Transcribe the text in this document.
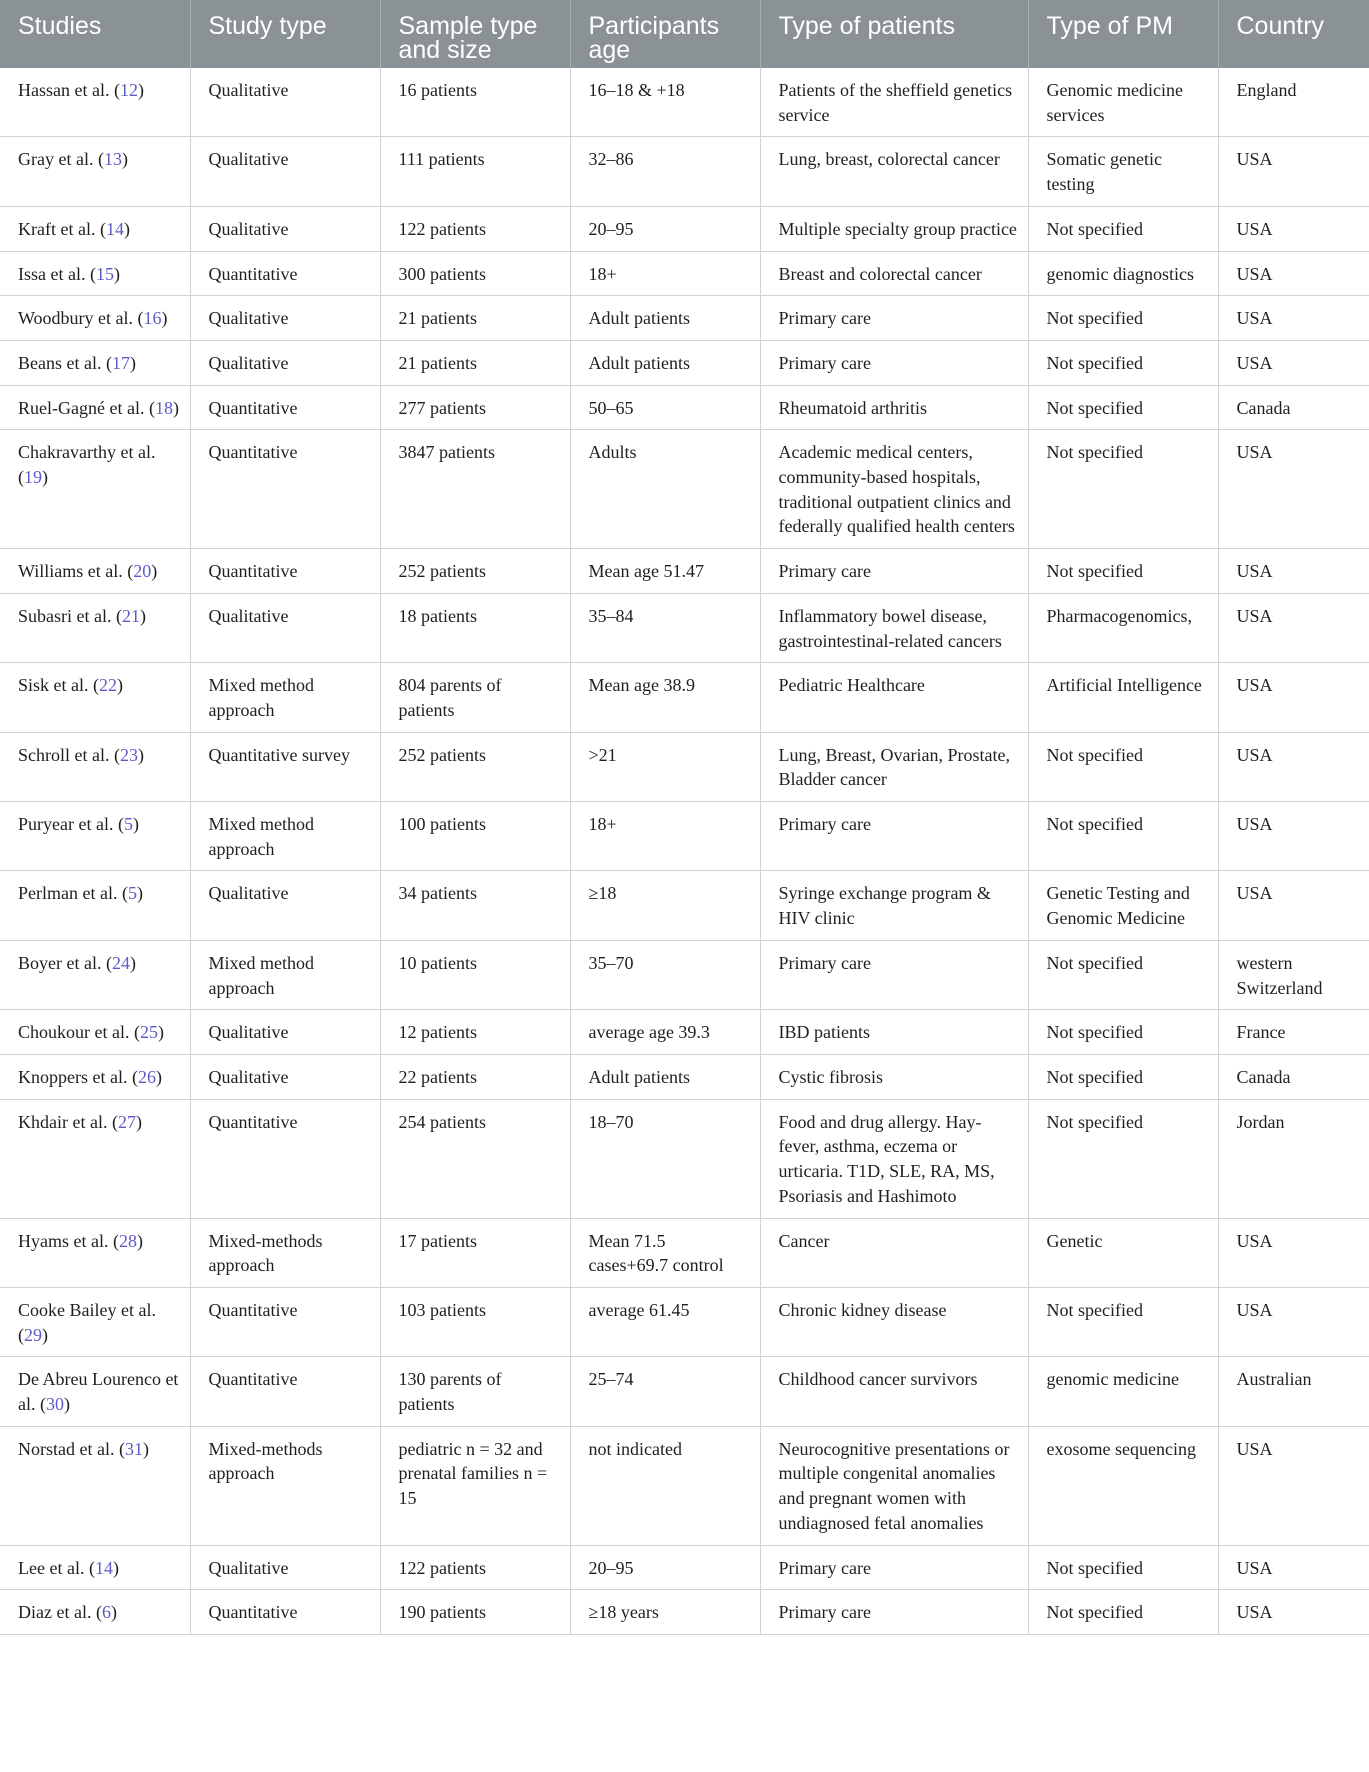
Studies	Study type	Sample type and size	Participants age	Type of patients	Type of PM	Country
Hassan et al. (12)	Qualitative	16 patients	16–18 & +18	Patients of the sheffield genetics service	Genomic medicine services	England
Gray et al. (13)	Qualitative	111 patients	32–86	Lung, breast, colorectal cancer	Somatic genetic testing	USA
Kraft et al. (14)	Qualitative	122 patients	20–95	Multiple specialty group practice	Not specified	USA
Issa et al. (15)	Quantitative	300 patients	18+	Breast and colorectal cancer	genomic diagnostics	USA
Woodbury et al. (16)	Qualitative	21 patients	Adult patients	Primary care	Not specified	USA
Beans et al. (17)	Qualitative	21 patients	Adult patients	Primary care	Not specified	USA
Ruel-Gagné et al. (18)	Quantitative	277 patients	50–65	Rheumatoid arthritis	Not specified	Canada
Chakravarthy et al. (19)	Quantitative	3847 patients	Adults	Academic medical centers, community-based hospitals, traditional outpatient clinics and federally qualified health centers	Not specified	USA
Williams et al. (20)	Quantitative	252 patients	Mean age 51.47	Primary care	Not specified	USA
Subasri et al. (21)	Qualitative	18 patients	35–84	Inflammatory bowel disease, gastrointestinal-related cancers	Pharmacogenomics,	USA
Sisk et al. (22)	Mixed method approach	804 parents of patients	Mean age 38.9	Pediatric Healthcare	Artificial Intelligence	USA
Schroll et al. (23)	Quantitative survey	252 patients	>21	Lung, Breast, Ovarian, Prostate, Bladder cancer	Not specified	USA
Puryear et al. (5)	Mixed method approach	100 patients	18+	Primary care	Not specified	USA
Perlman et al. (5)	Qualitative	34 patients	≥18	Syringe exchange program & HIV clinic	Genetic Testing and Genomic Medicine	USA
Boyer et al. (24)	Mixed method approach	10 patients	35–70	Primary care	Not specified	western Switzerland
Choukour et al. (25)	Qualitative	12 patients	average age 39.3	IBD patients	Not specified	France
Knoppers et al. (26)	Qualitative	22 patients	Adult patients	Cystic fibrosis	Not specified	Canada
Khdair et al. (27)	Quantitative	254 patients	18–70	Food and drug allergy. Hay-fever, asthma, eczema or urticaria. T1D, SLE, RA, MS, Psoriasis and Hashimoto	Not specified	Jordan
Hyams et al. (28)	Mixed-methods approach	17 patients	Mean 71.5 cases+69.7 control	Cancer	Genetic	USA
Cooke Bailey et al. (29)	Quantitative	103 patients	average 61.45	Chronic kidney disease	Not specified	USA
De Abreu Lourenco et al. (30)	Quantitative	130 parents of patients	25–74	Childhood cancer survivors	genomic medicine	Australian
Norstad et al. (31)	Mixed-methods approach	pediatric n = 32 and prenatal families n = 15	not indicated	Neurocognitive presentations or multiple congenital anomalies and pregnant women with undiagnosed fetal anomalies	exosome sequencing	USA
Lee et al. (14)	Qualitative	122 patients	20–95	Primary care	Not specified	USA
Diaz et al. (6)	Quantitative	190 patients	≥18 years	Primary care	Not specified	USA
